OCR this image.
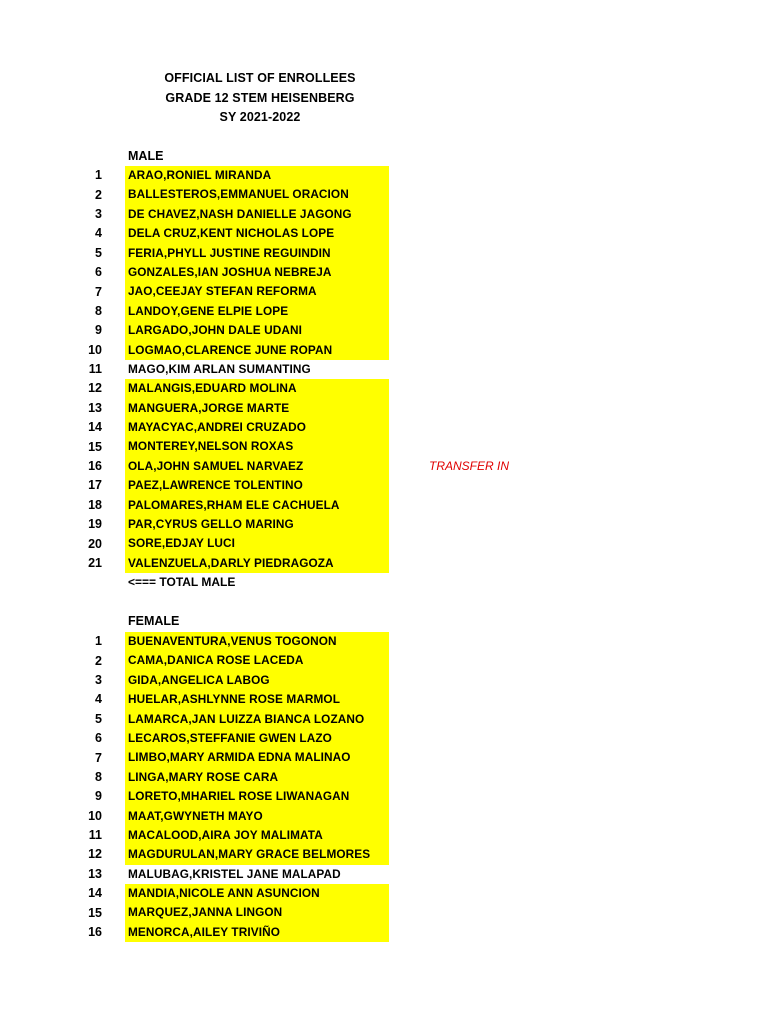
OFFICIAL LIST OF ENROLLEES
GRADE 12 STEM HEISENBERG
SY 2021-2022
MALE
1 ARAO,RONIEL MIRANDA
2 BALLESTEROS,EMMANUEL ORACION
3 DE CHAVEZ,NASH DANIELLE JAGONG
4 DELA CRUZ,KENT NICHOLAS LOPE
5 FERIA,PHYLL JUSTINE REGUINDIN
6 GONZALES,IAN JOSHUA NEBREJA
7 JAO,CEEJAY STEFAN REFORMA
8 LANDOY,GENE ELPIE LOPE
9 LARGADO,JOHN DALE UDANI
10 LOGMAO,CLARENCE JUNE ROPAN
11 MAGO,KIM ARLAN SUMANTING
12 MALANGIS,EDUARD MOLINA
13 MANGUERA,JORGE MARTE
14 MAYACYAC,ANDREI CRUZADO
15 MONTEREY,NELSON ROXAS
16 OLA,JOHN SAMUEL NARVAEZ	TRANSFER IN
17 PAEZ,LAWRENCE TOLENTINO
18 PALOMARES,RHAM ELE CACHUELA
19 PAR,CYRUS GELLO MARING
20 SORE,EDJAY LUCI
21 VALENZUELA,DARLY PIEDRAGOZA
<=== TOTAL MALE
FEMALE
1 BUENAVENTURA,VENUS TOGONON
2 CAMA,DANICA ROSE LACEDA
3 GIDA,ANGELICA LABOG
4 HUELAR,ASHLYNNE ROSE MARMOL
5 LAMARCA,JAN LUIZZA BIANCA LOZANO
6 LECAROS,STEFFANIE GWEN LAZO
7 LIMBO,MARY ARMIDA EDNA MALINAO
8 LINGA,MARY ROSE CARA
9 LORETO,MHARIEL ROSE LIWANAGAN
10 MAAT,GWYNETH MAYO
11 MACALOOD,AIRA JOY MALIMATA
12 MAGDURULAN,MARY GRACE BELMORES
13 MALUBAG,KRISTEL JANE MALAPAD
14 MANDIA,NICOLE ANN ASUNCION
15 MARQUEZ,JANNA LINGON
16 MENORCA,AILEY TRIVIÑO
